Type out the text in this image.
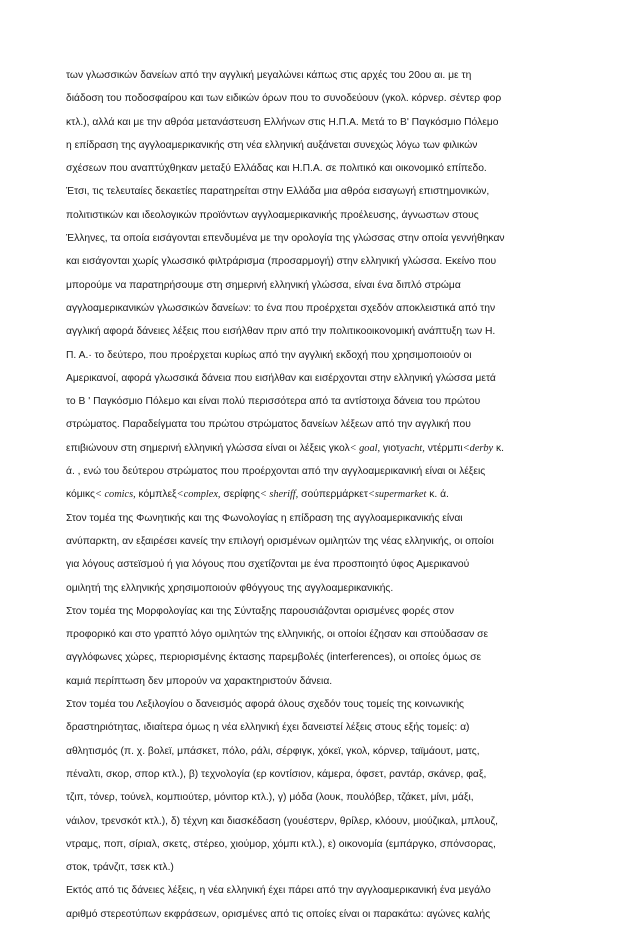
των γλωσσικών δανείων από την αγγλική μεγαλώνει κάπως στις αρχές του 20ου αι. με τη
διάδοση του ποδοσφαίρου και των ειδικών όρων που το συνοδεύουν (γκολ. κόρνερ. σέντερ φορ
κτλ.), αλλά και με την αθρόα μετανάστευση Ελλήνων στις Η.Π.Α. Μετά το Β' Παγκόσμιο Πόλεμο
η επίδραση της αγγλοαμερικανικής στη νέα ελληνική αυξάνεται συνεχώς λόγω των φιλικών
σχέσεων που αναπτύχθηκαν μεταξύ Ελλάδας και Η.Π.Α. σε πολιτικό και οικονομικό επίπεδο.
Έτσι, τις τελευταίες δεκαετίες παρατηρείται στην Ελλάδα μια αθρόα εισαγωγή επιστημονικών,
πολιτιστικών και ιδεολογικών προϊόντων αγγλοαμερικανικής προέλευσης, άγνωστων στους
Έλληνες, τα οποία εισάγονται επενδυμένα με την ορολογία της γλώσσας στην οποία γεννήθηκαν
και εισάγονται χωρίς γλωσσικό φιλτράρισμα (προσαρμογή) στην ελληνική γλώσσα. Εκείνο που
μπορούμε να παρατηρήσουμε στη σημερινή ελληνική γλώσσα, είναι ένα διπλό στρώμα
αγγλοαμερικανικών γλωσσικών δανείων: το ένα που προέρχεται σχεδόν αποκλειστικά από την
αγγλική αφορά δάνειες λέξεις που εισήλθαν πριν από την πολιτικοοικονομική ανάπτυξη των Η.
Π. Α.· το δεύτερο, που προέρχεται κυρίως από την αγγλική εκδοχή που χρησιμοποιούν οι
Αμερικανοί, αφορά γλωσσικά δάνεια που εισήλθαν και εισέρχονται στην ελληνική γλώσσα μετά
το Β ' Παγκόσμιο Πόλεμο και είναι πολύ περισσότερα από τα αντίστοιχα δάνεια του πρώτου
στρώματος. Παραδείγματα του πρώτου στρώματος δανείων λέξεων από την αγγλική που
επιβιώνουν στη σημερινή ελληνική γλώσσα είναι οι λέξεις γκολ< goal, γιοτyacht, ντέρμπι<derby κ.
ά. , ενώ του δεύτερου στρώματος που προέρχονται από την αγγλοαμερικανική είναι οι λέξεις
κόμικς< comics, κόμπλεξ<complex, σερίφης< sheriff, σούπερμάρκετ<supermarket κ. ά.
Στον τομέα της Φωνητικής και της Φωνολογίας η επίδραση της αγγλοαμερικανικής είναι
ανύπαρκτη, αν εξαιρέσει κανείς την επιλογή ορισμένων ομιλητών της νέας ελληνικής, οι οποίοι
για λόγους αστεϊσμού ή για λόγους που σχετίζονται με ένα προσποιητό ύφος Αμερικανού
ομιλητή της ελληνικής χρησιμοποιούν φθόγγους της αγγλοαμερικανικής.
Στον τομέα της Μορφολογίας και της Σύνταξης παρουσιάζονται ορισμένες φορές στον
προφορικό και στο γραπτό λόγο ομιλητών της ελληνικής, οι οποίοι έζησαν και σπούδασαν σε
αγγλόφωνες χώρες, περιορισμένης έκτασης παρεμβολές (interferences), οι οποίες όμως σε
καμιά περίπτωση δεν μπορούν να χαρακτηριστούν δάνεια.
Στον τομέα του Λεξιλογίου ο δανεισμός αφορά όλους σχεδόν τους τομείς της κοινωνικής
δραστηριότητας, ιδιαίτερα όμως η νέα ελληνική έχει δανειστεί λέξεις στους εξής τομείς: α)
αθλητισμός (π. χ. βολεϊ, μπάσκετ, πόλο, ράλι, σέρφιγκ, χόκεϊ, γκολ, κόρνερ, ταϊμάουτ, ματς,
πέναλτι, σκορ, σπορ κτλ.), β) τεχνολογία (ερ κοντίσιον, κάμερα, όφσετ, ραντάρ, σκάνερ, φαξ,
τζιπ, τόνερ, τούνελ, κομπιούτερ, μόνιτορ κτλ.), γ) μόδα (λουκ, πουλόβερ, τζάκετ, μίνι, μάξι,
νάιλον, τρενσκότ κτλ.), δ) τέχνη και διασκέδαση (γουέστερν, θρίλερ, κλόουν, μιούζικαλ, μπλουζ,
ντραμς, ποπ, σίριαλ, σκετς, στέρεο, χιούμορ, χόμπι κτλ.), ε) οικονομία (εμπάργκο, σπόνσορας,
στοκ, τράνζιτ, τσεκ κτλ.)
Εκτός από τις δάνειες λέξεις, η νέα ελληνική έχει πάρει από την αγγλοαμερικανική ένα μεγάλο
αριθμό στερεοτύπων εκφράσεων, ορισμένες από τις οποίες είναι οι παρακάτω: αγώνες καλής
